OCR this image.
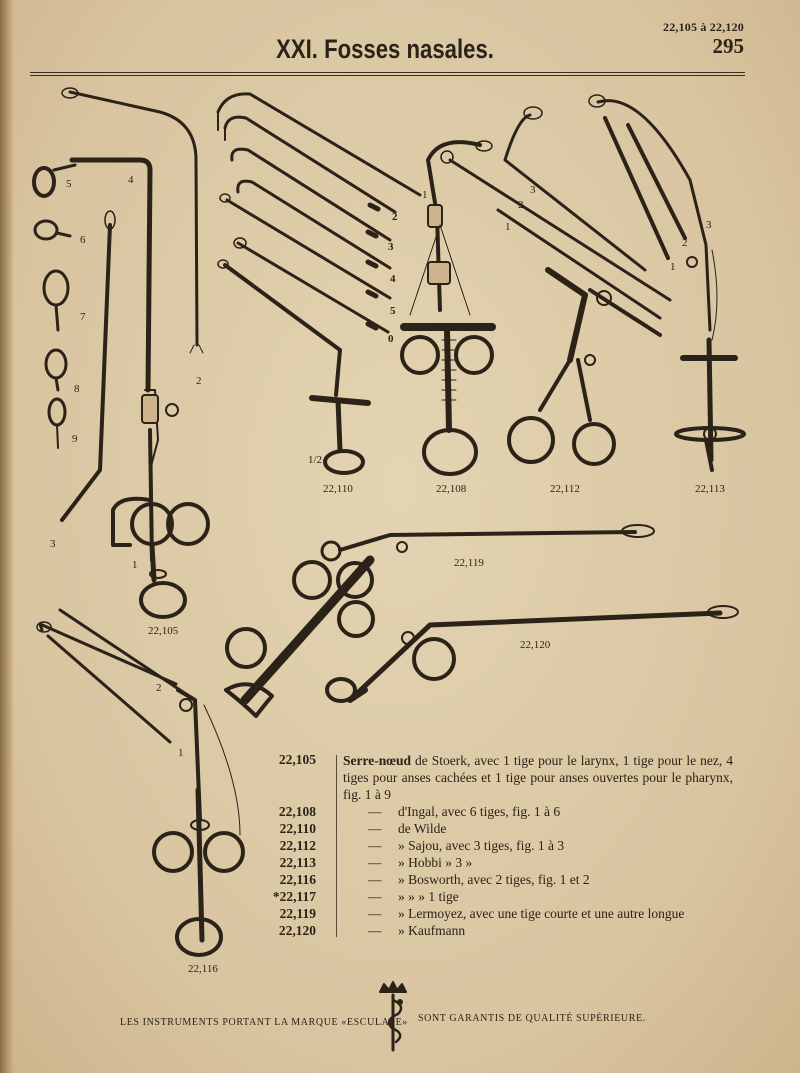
22,105 à 22,120
295
XXI. Fosses nasales.
5	4
6
7
8
9
3
2
1
2
3
4
5
0
1
1/2
3
2
1	3
2
1
2
1
22,110	22,108	22,112	22,113
22,105
22,119
22,120
22,116
22,105 Serre-nœud de Stoerk, avec 1 tige pour le larynx, 1 tige pour le nez, 4 tiges pour anses cachées et 1 tige pour anses ouvertes pour le pharynx, fig. 1 à 9
22,108	— d'Ingal, avec 6 tiges, fig. 1 à 6
22,110	— de Wilde
22,112	— » Sajou, avec 3 tiges, fig. 1 à 3
22,113	— » Hobbi » 3 »
22,116	— » Bosworth, avec 2 tiges, fig. 1 et 2
*22,117	— » » » 1 tige
22,119	— » Lermoyez, avec une tige courte et une autre longue
22,120	— » Kaufmann
LES INSTRUMENTS PORTANT LA MARQUE «ESCULAPE» SONT GARANTIS DE QUALITÉ SUPÉRIEURE.
